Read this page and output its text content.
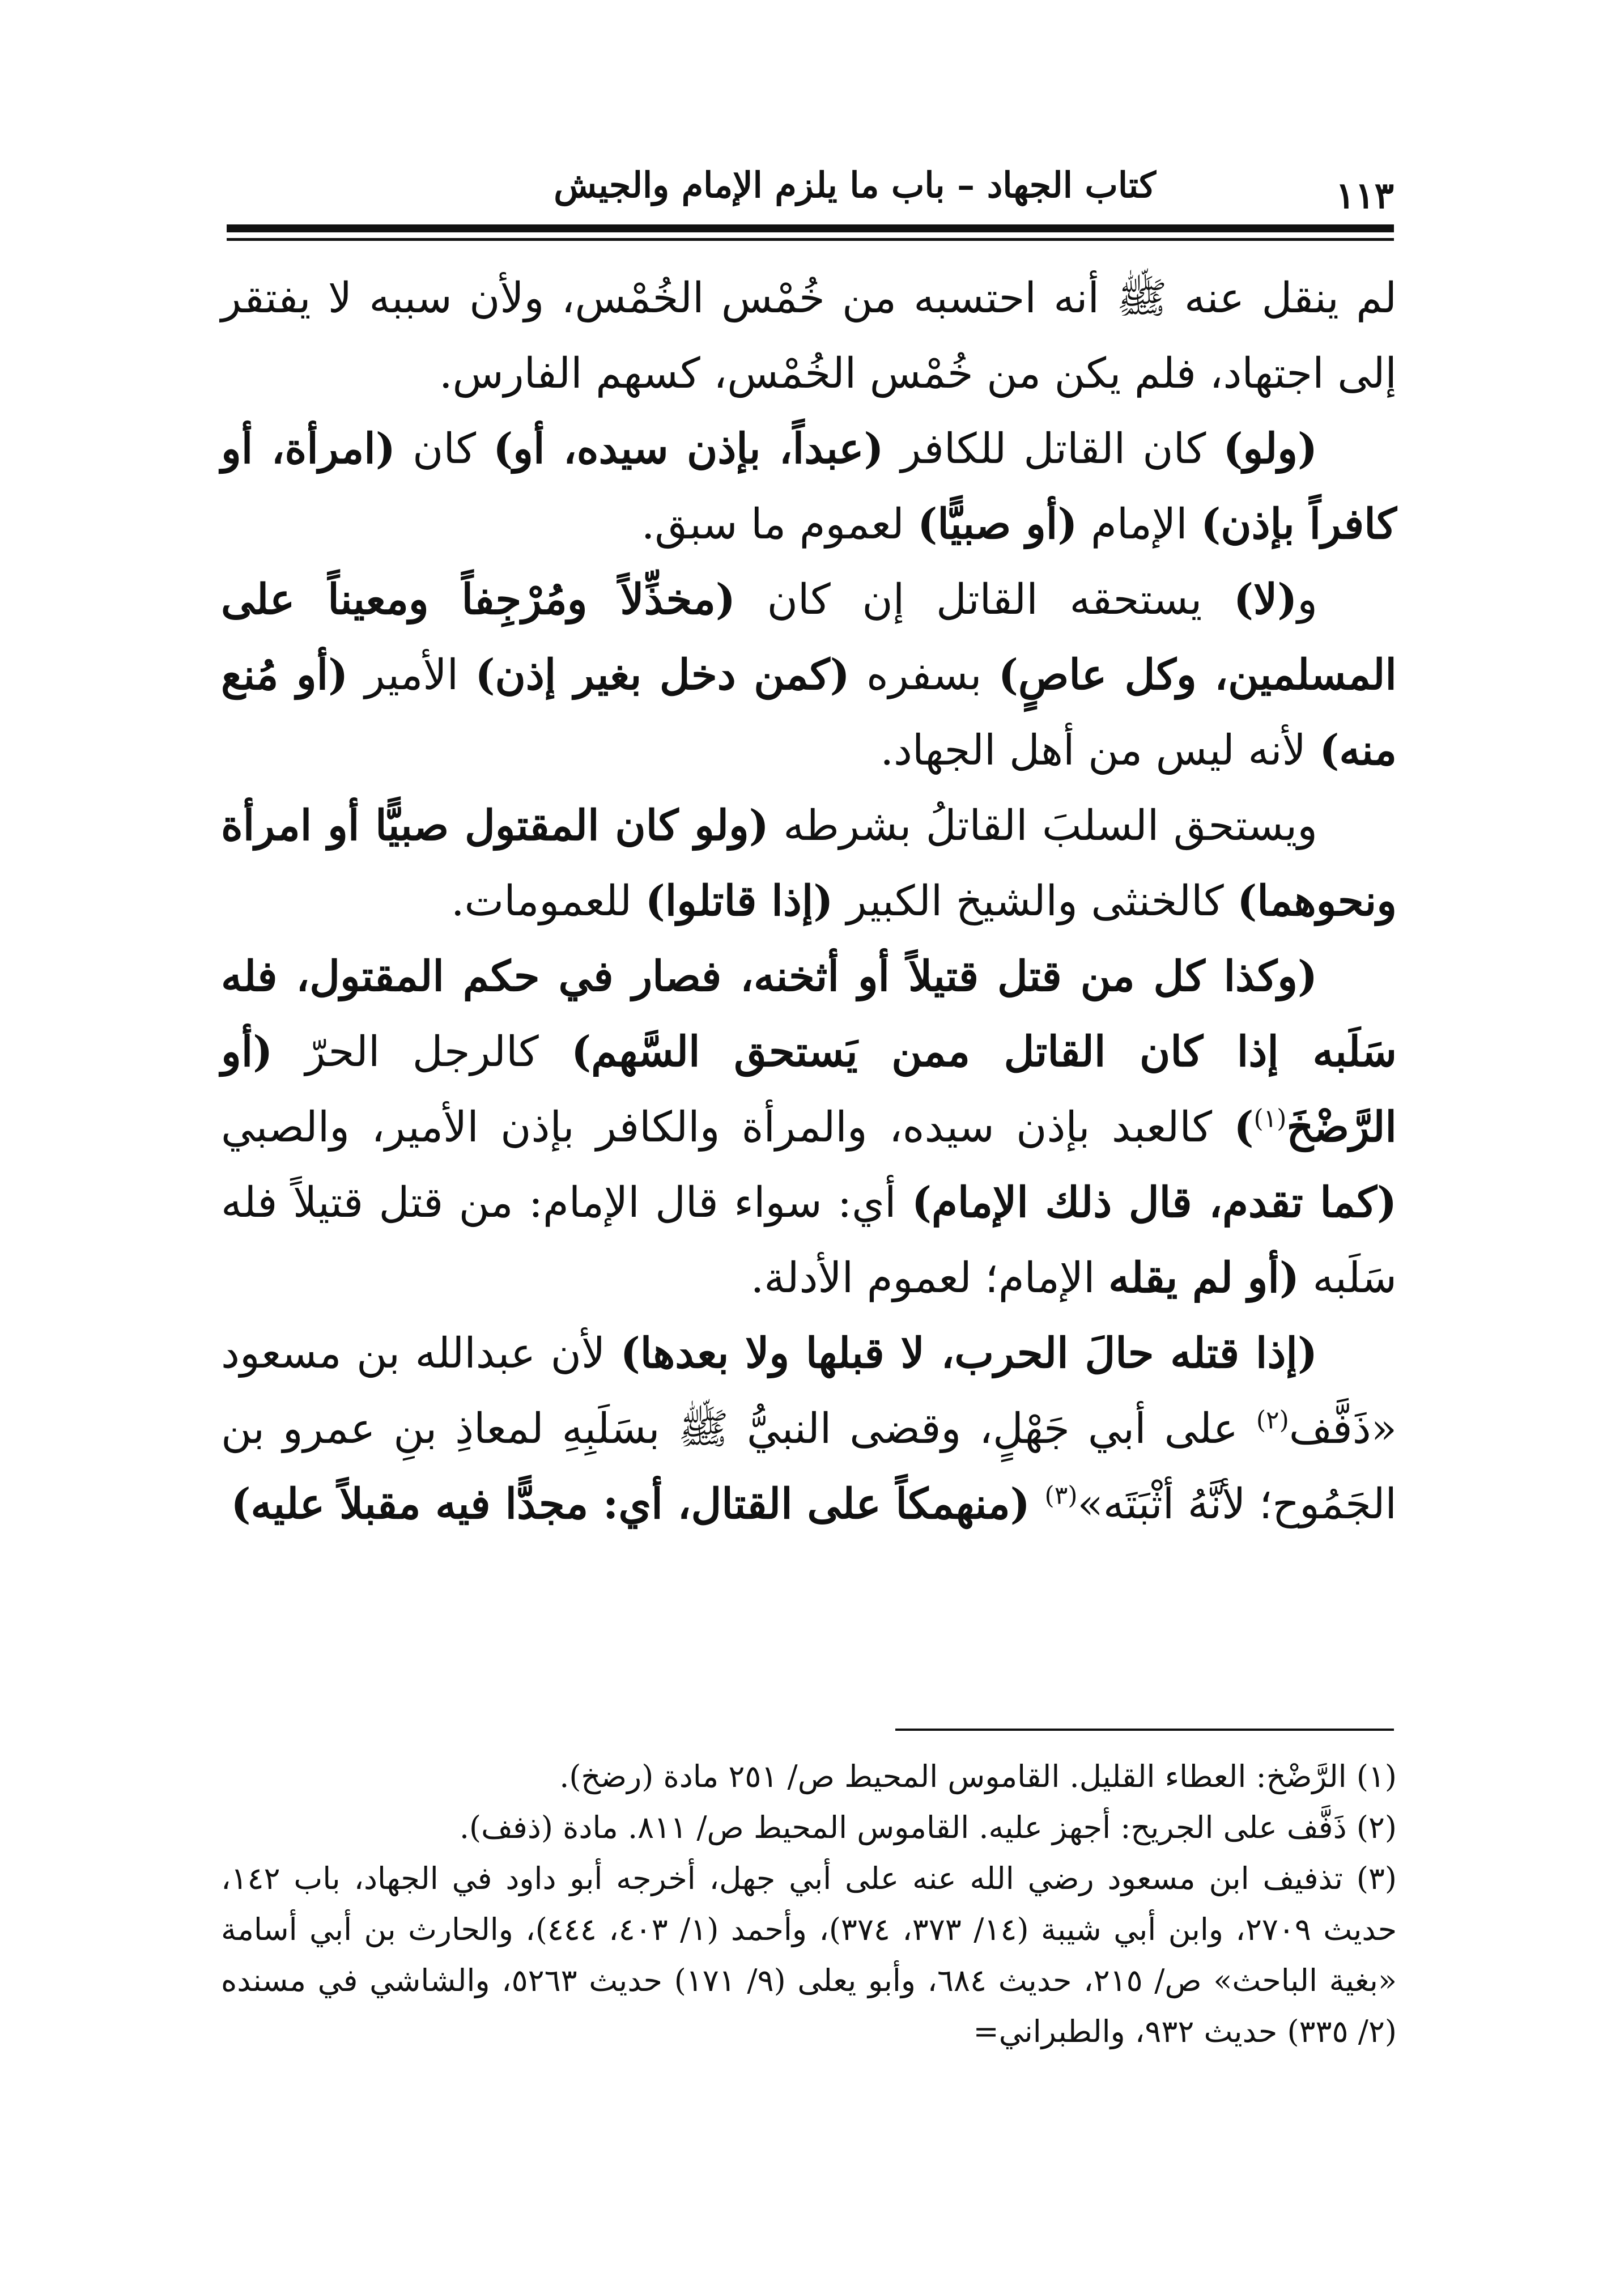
١١٣
كتاب الجهاد – باب ما يلزم الإمام والجيش

لم ينقل عنه ﷺ أنه احتسبه من خُمْس الخُمْس، ولأن سببه لا يفتقر إلى اجتهاد، فلم يكن من خُمْس الخُمْس، كسهم الفارس.

(ولو) كان القاتل للكافر (عبداً، بإذن سيده، أو) كان (امرأة، أو كافراً بإذن) الإمام (أو صبيًّا) لعموم ما سبق.

و(لا) يستحقه القاتل إن كان (مخذِّلاً ومُرْجِفاً ومعيناً على المسلمين، وكل عاصٍ) بسفره (كمن دخل بغير إذن) الأمير (أو مُنع منه) لأنه ليس من أهل الجهاد.

ويستحق السلبَ القاتلُ بشرطه (ولو كان المقتول صبيًّا أو امرأة ونحوهما) كالخنثى والشيخ الكبير (إذا قاتلوا) للعمومات.

(وكذا كل من قتل قتيلاً أو أثخنه، فصار في حكم المقتول، فله سَلَبه إذا كان القاتل ممن يَستحق السَّهم) كالرجل الحرّ (أو الرَّضْخَ$^{(١)}$) كالعبد بإذن سيده، والمرأة والكافر بإذن الأمير، والصبي (كما تقدم، قال ذلك الإمام) أي: سواء قال الإمام: من قتل قتيلاً فله سَلَبه (أو لم يقله الإمام؛ لعموم الأدلة.

(إذا قتله حالَ الحرب، لا قبلها ولا بعدها) لأن عبدالله بن مسعود «ذَفَّف$^{(٢)}$ على أبي جَهْلٍ، وقضى النبيُّ ﷺ بسَلَبِهِ لمعاذِ بنِ عمرو بن الجَمُوح؛ لأنَّهُ أثْبَتَه»$^{(٣)}$ (منهمكاً على القتال، أي: مجدًّا فيه مقبلاً عليه)

(١) الرَّضْخ: العطاء القليل. القاموس المحيط ص/ ٢٥١ مادة (رضخ).

(٢) ذَفَّف على الجريح: أجهز عليه. القاموس المحيط ص/ ٨١١. مادة (ذفف).

(٣) تذفيف ابن مسعود رضي الله عنه على أبي جهل، أخرجه أبو داود في الجهاد، باب ١٤٢، حديث ٢٧٠٩، وابن أبي شيبة (١٤/ ٣٧٣، ٣٧٤)، وأحمد (١/ ٤٠٣، ٤٤٤)، والحارث بن أبي أسامة «بغية الباحث» ص/ ٢١٥، حديث ٦٨٤، وأبو يعلى (٩/ ١٧١) حديث ٥٢٦٣، والشاشي في مسنده (٢/ ٣٣٥) حديث ٩٣٢، والطبراني=
